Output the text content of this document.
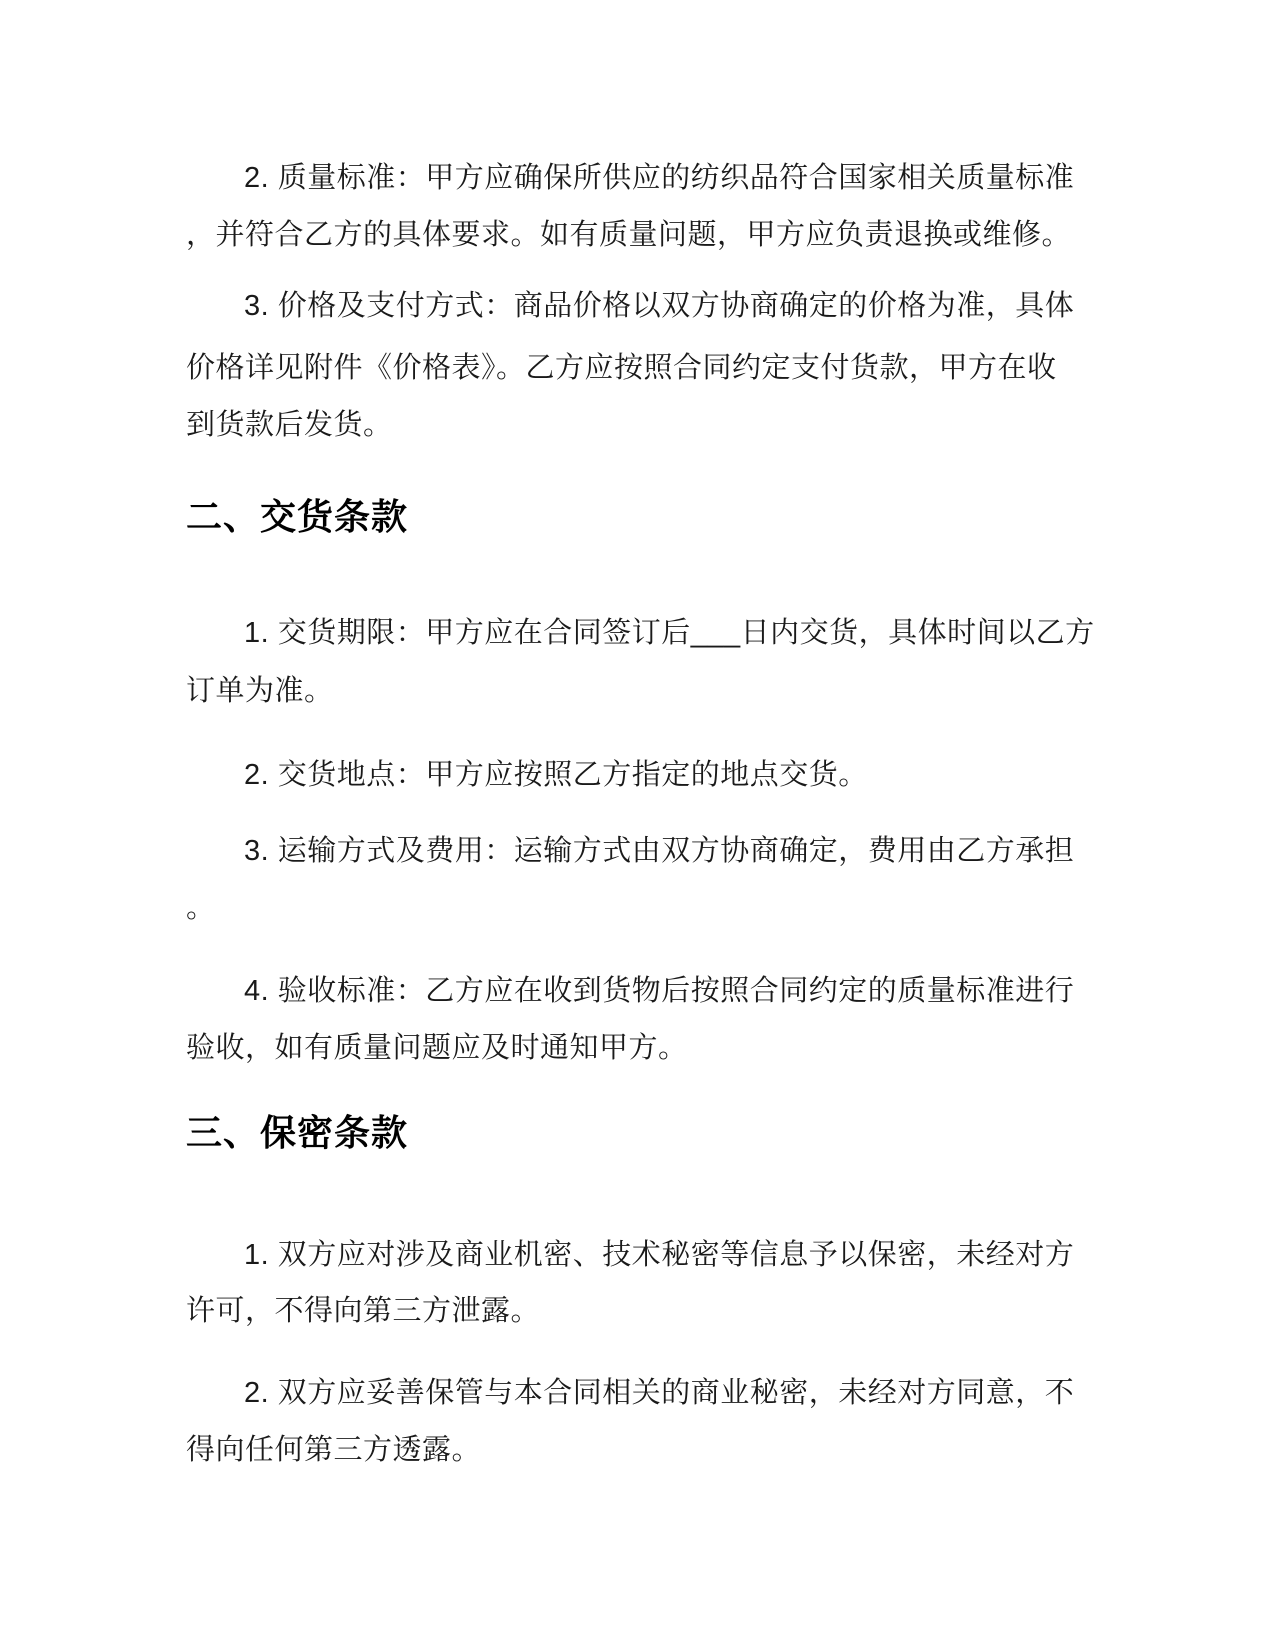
2. 质量标准：甲方应确保所供应的纺织品符合国家相关质量标准
，并符合乙方的具体要求。如有质量问题，甲方应负责退换或维修。
3. 价格及支付方式：商品价格以双方协商确定的价格为准，具体
价格详见附件《价格表》。乙方应按照合同约定支付货款，甲方在收
到货款后发货。
二、交货条款
1. 交货期限：甲方应在合同签订后___日内交货，具体时间以乙方
订单为准。
2. 交货地点：甲方应按照乙方指定的地点交货。
3. 运输方式及费用：运输方式由双方协商确定，费用由乙方承担
。
4. 验收标准：乙方应在收到货物后按照合同约定的质量标准进行
验收，如有质量问题应及时通知甲方。
三、保密条款
1. 双方应对涉及商业机密、技术秘密等信息予以保密，未经对方
许可，不得向第三方泄露。
2. 双方应妥善保管与本合同相关的商业秘密，未经对方同意，不
得向任何第三方透露。
